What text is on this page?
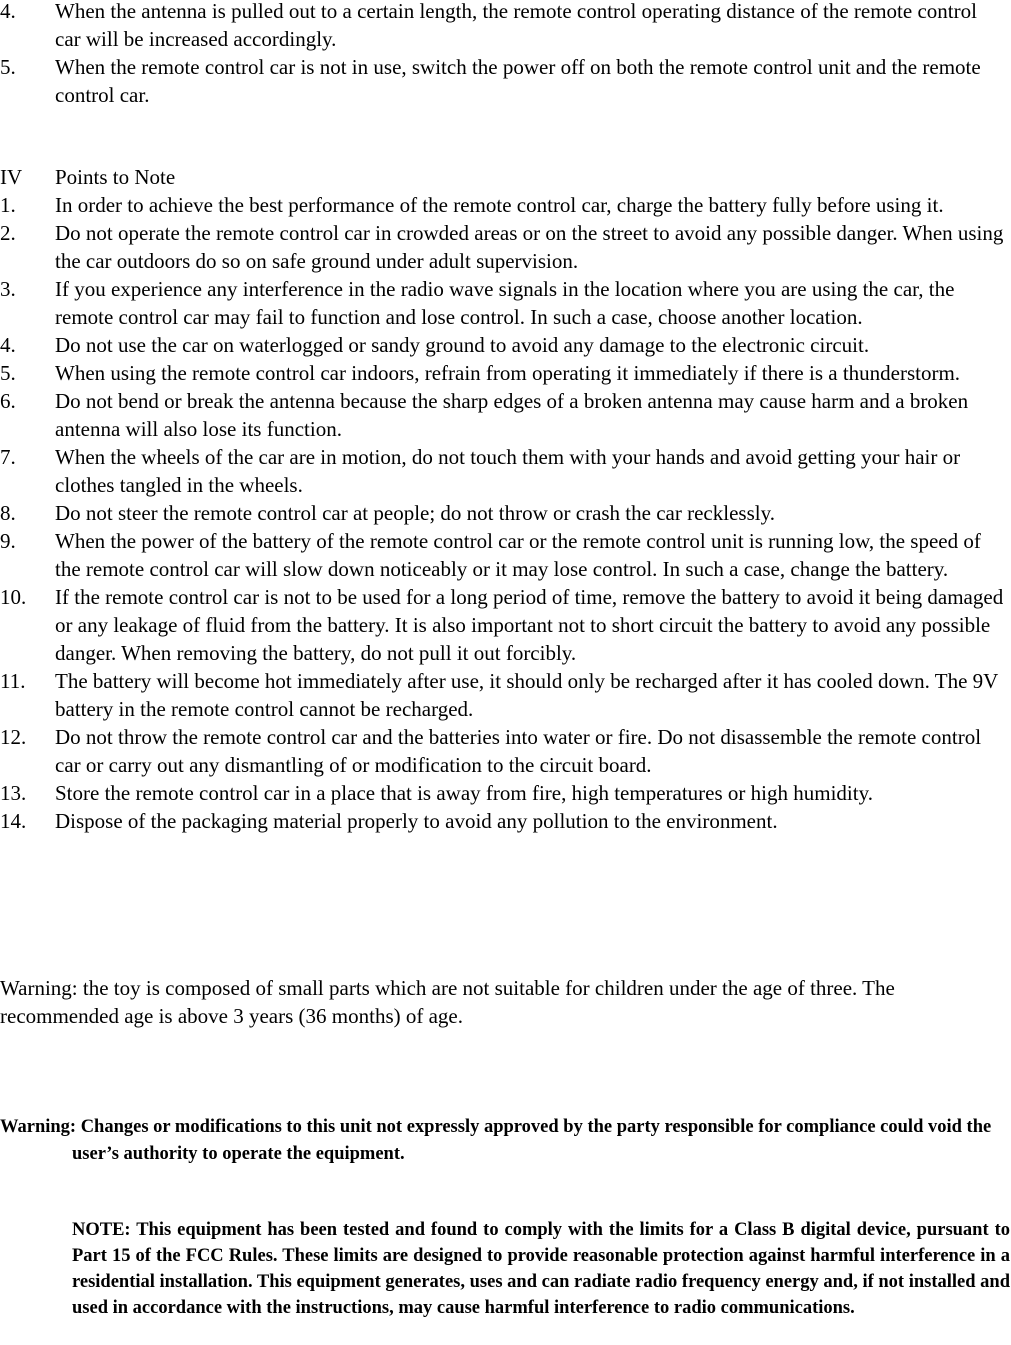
4.	When the antenna is pulled out to a certain length, the remote control operating distance of the remote control car will be increased accordingly.
5.	When the remote control car is not in use, switch the power off on both the remote control unit and the remote control car.
IV	Points to Note
1.	In order to achieve the best performance of the remote control car, charge the battery fully before using it.
2.	Do not operate the remote control car in crowded areas or on the street to avoid any possible danger. When using the car outdoors do so on safe ground under adult supervision.
3.	If you experience any interference in the radio wave signals in the location where you are using the car, the remote control car may fail to function and lose control. In such a case, choose another location.
4.	Do not use the car on waterlogged or sandy ground to avoid any damage to the electronic circuit.
5.	When using the remote control car indoors, refrain from operating it immediately if there is a thunderstorm.
6.	Do not bend or break the antenna because the sharp edges of a broken antenna may cause harm and a broken antenna will also lose its function.
7.	When the wheels of the car are in motion, do not touch them with your hands and avoid getting your hair or clothes tangled in the wheels.
8.	Do not steer the remote control car at people; do not throw or crash the car recklessly.
9.	When the power of the battery of the remote control car or the remote control unit is running low, the speed of the remote control car will slow down noticeably or it may lose control. In such a case, change the battery.
10.	If the remote control car is not to be used for a long period of time, remove the battery to avoid it being damaged or any leakage of fluid from the battery. It is also important not to short circuit the battery to avoid any possible danger. When removing the battery, do not pull it out forcibly.
11.	The battery will become hot immediately after use, it should only be recharged after it has cooled down. The 9V battery in the remote control cannot be recharged.
12.	Do not throw the remote control car and the batteries into water or fire. Do not disassemble the remote control car or carry out any dismantling of or modification to the circuit board.
13.	Store the remote control car in a place that is away from fire, high temperatures or high humidity.
14.	Dispose of the packaging material properly to avoid any pollution to the environment.
Warning: the toy is composed of small parts which are not suitable for children under the age of three. The recommended age is above 3 years (36 months) of age.
Warning: Changes or modifications to this unit not expressly approved by the party responsible for compliance could void the user’s authority to operate the equipment.
NOTE: This equipment has been tested and found to comply with the limits for a Class B digital device, pursuant to Part 15 of the FCC Rules. These limits are designed to provide reasonable protection against harmful interference in a residential installation. This equipment generates, uses and can radiate radio frequency energy and, if not installed and used in accordance with the instructions, may cause harmful interference to radio communications.
